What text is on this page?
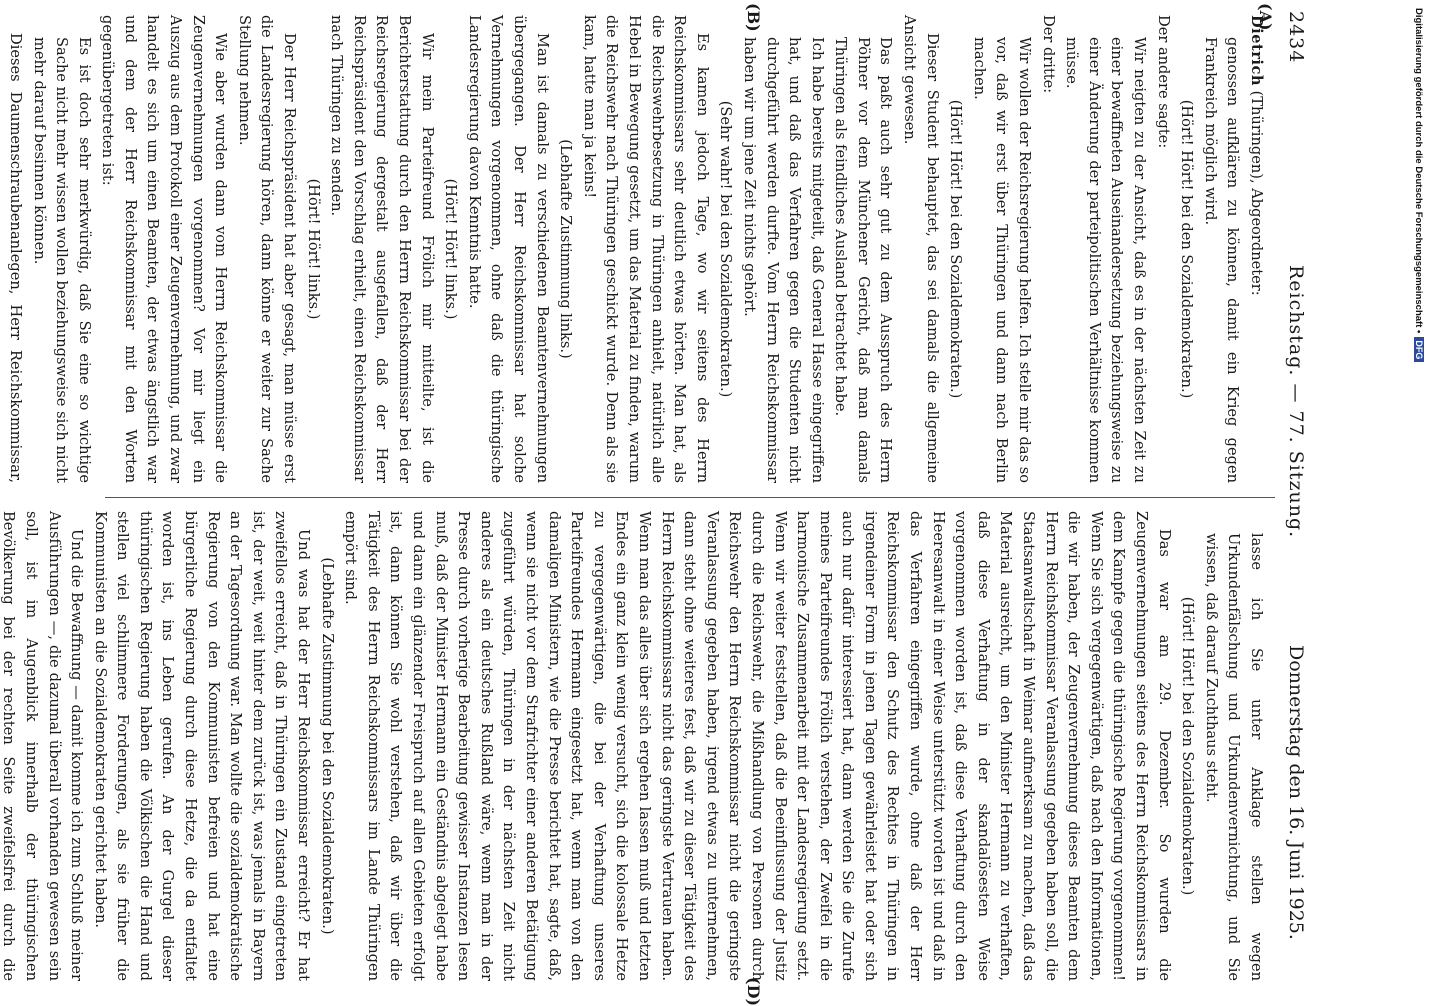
2434
Reichstag. — 77. Sitzung.
Donnerstag den 16. Juni 1925.
(A)
(B)
(D)

Dietrich (Thüringen), Abgeordneter:

genossen aufklären zu können, damit ein Krieg gegen Frankreich möglich wird.

(Hört! Hört! bei den Sozialdemokraten.)

Der andere sagte:

Wir neigten zu der Ansicht, daß es in der nächsten Zeit zu einer bewaffneten Auseinandersetzung beziehungsweise zu einer Änderung der parteipolitischen Verhältnisse kommen müsse.

Der dritte:

Wir wollen der Reichsregierung helfen. Ich stelle mir das so vor, daß wir erst über Thüringen und dann nach Berlin machen.

(Hört! Hört! bei den Sozialdemokraten.)

Dieser Student behauptet, das sei damals die allgemeine Ansicht gewesen.

Das paßt auch sehr gut zu dem Ausspruch des Herrn Pöhner vor dem Münchener Gericht, daß man damals Thüringen als feindliches Ausland betrachtet habe.

Ich habe bereits mitgeteilt, daß General Hasse eingegriffen hat, und daß das Verfahren gegen die Studenten nicht durchgeführt werden durfte. Vom Herrn Reichskommissar haben wir um jene Zeit nichts gehört.

(Sehr wahr! bei den Sozialdemokraten.)

Es kamen jedoch Tage, wo wir seitens des Herrn Reichskommissars sehr deutlich etwas hörten. Man hat, als die Reichswehrbesetzung in Thüringen anhielt, natürlich alle Hebel in Bewegung gesetzt, um das Material zu finden, warum die Reichswehr nach Thüringen geschickt wurde. Denn als sie kam, hatte man ja keins!

(Lebhafte Zustimmung links.)

Man ist damals zu verschiedenen Beamtenvernehmungen übergegangen. Der Herr Reichskommissar hat solche Vernehmungen vorgenommen, ohne daß die thüringische Landesregierung davon Kenntnis hatte.

(Hört! Hört! links.)

Wir mein Parteifreund Frölich mir mitteilte, ist die Berichterstattung durch den Herrn Reichskommissar bei der Reichsregierung dergestalt ausgefallen, daß der Herr Reichspräsident den Vorschlag erhielt, einen Reichskommissar nach Thüringen zu senden.

(Hört! Hört! links.)

Der Herr Reichspräsident hat aber gesagt, man müsse erst die Landesregierung hören, dann könne er weiter zur Sache Stellung nehmen.

Wie aber wurden dann vom Herrn Reichskommissar die Zeugenvernehmungen vorgenommen? Vor mir liegt ein Auszug aus dem Protokoll einer Zeugenvernehmung, und zwar handelt es sich um einen Beamten, der etwas ängstlich war und dem der Herr Reichskommissar mit den Worten gegenübergetreten ist:

Es ist doch sehr merkwürdig, daß Sie eine so wichtige Sache nicht mehr wissen wollen beziehungsweise sich nicht mehr darauf besinnen können.

Dieses Daumenschraubenanlegen, Herr Reichskommissar,

lasse ich Sie unter Anklage stellen wegen Urkundenfälschung und Urkundenvernichtung, und Sie wissen, daß darauf Zuchthaus steht.

(Hört! Hört! bei den Sozialdemokraten.)

Das war am 29. Dezember. So wurden die Zeugenvernehmungen seitens des Herrn Reichskommissars in dem Kampfe gegen die thüringische Regierung vorgenommen! Wenn Sie sich vergegenwärtigen, daß nach den Informationen, die wir haben, der Zeugenvernehmung dieses Beamten dem Herrn Reichskommissar Veranlassung gegeben haben soll, die Staatsanwaltschaft in Weimar aufmerksam zu machen, daß das Material ausreicht, um den Minister Hermann zu verhaften, daß diese Verhaftung in der skandalösesten Weise vorgenommen worden ist, daß diese Verhaftung durch den Heeresanwalt in einer Weise unterstützt worden ist und daß in das Verfahren eingegriffen wurde, ohne daß der Herr Reichskommissar den Schutz des Rechtes in Thüringen in irgendeiner Form in jenen Tagen gewährleistet hat oder sich auch nur dafür interessiert hat, dann werden Sie die Zurufe meines Parteifreundes Frölich verstehen, der Zweifel in die harmonische Zusammenarbeit mit der Landesregierung setzt. Wenn wir weiter feststellen, daß die Beeinflussung der Justiz durch die Reichswehr, die Mißhandlung von Personen durch Reichswehr den Herrn Reichskommissar nicht die geringste Veranlassung gegeben haben, irgend etwas zu unternehmen, dann steht ohne weiteres fest, daß wir zu dieser Tätigkeit des Herrn Reichskommissars nicht das geringste Vertrauen haben. Wenn man das alles über sich ergehen lassen muß und letzten Endes ein ganz klein wenig versucht, sich die kolossale Hetze zu vergegenwärtigen, die bei der Verhaftung unseres Parteifreundes Hermann eingesetzt hat, wenn man von den damaligen Ministern, wie die Presse berichtet hat, sagte, daß, wenn sie nicht vor dem Strafrichter einer anderen Betätigung zugeführt würden, Thüringen in der nächsten Zeit nicht anderes als ein deutsches Rußland wäre, wenn man in der Presse durch vorherige Bearbeitung gewisser Instanzen lesen muß, daß der Minister Hermann ein Geständnis abgelegt habe und dann ein glänzender Freispruch auf allen Gebieten erfolgt ist, dann können Sie wohl verstehen, daß wir über die Tätigkeit des Herrn Reichskommissars im Lande Thüringen empört sind.

(Lebhafte Zustimmung bei den Sozialdemokraten.)

Und was hat der Herr Reichskommissar erreicht? Er hat zweifellos erreicht, daß in Thüringen ein Zustand eingetreten ist, der weit, weit hinter dem zurück ist, was jemals in Bayern an der Tagesordnung war. Man wollte die sozialdemokratische Regierung von den Kommunisten befreien und hat eine bürgerliche Regierung durch diese Hetze, die da entfaltet worden ist, ins Leben gerufen. An der Gurgel dieser thüringischen Regierung haben die Völkischen die Hand und stellen viel schlimmere Forderungen, als sie früher die Kommunisten an die Sozialdemokraten gerichtet haben.

Und die Bewaffnung — damit komme ich zum Schluß meiner Ausführungen —, die dazumal überall vorhanden gewesen sein soll, ist im Augenblick innerhalb der thüringischen Bevölkerung bei der rechten Seite zweifelsfrei durch die

Digitalisierung gefördert durch die Deutsche Forschungsgemeinschaft •DFG
